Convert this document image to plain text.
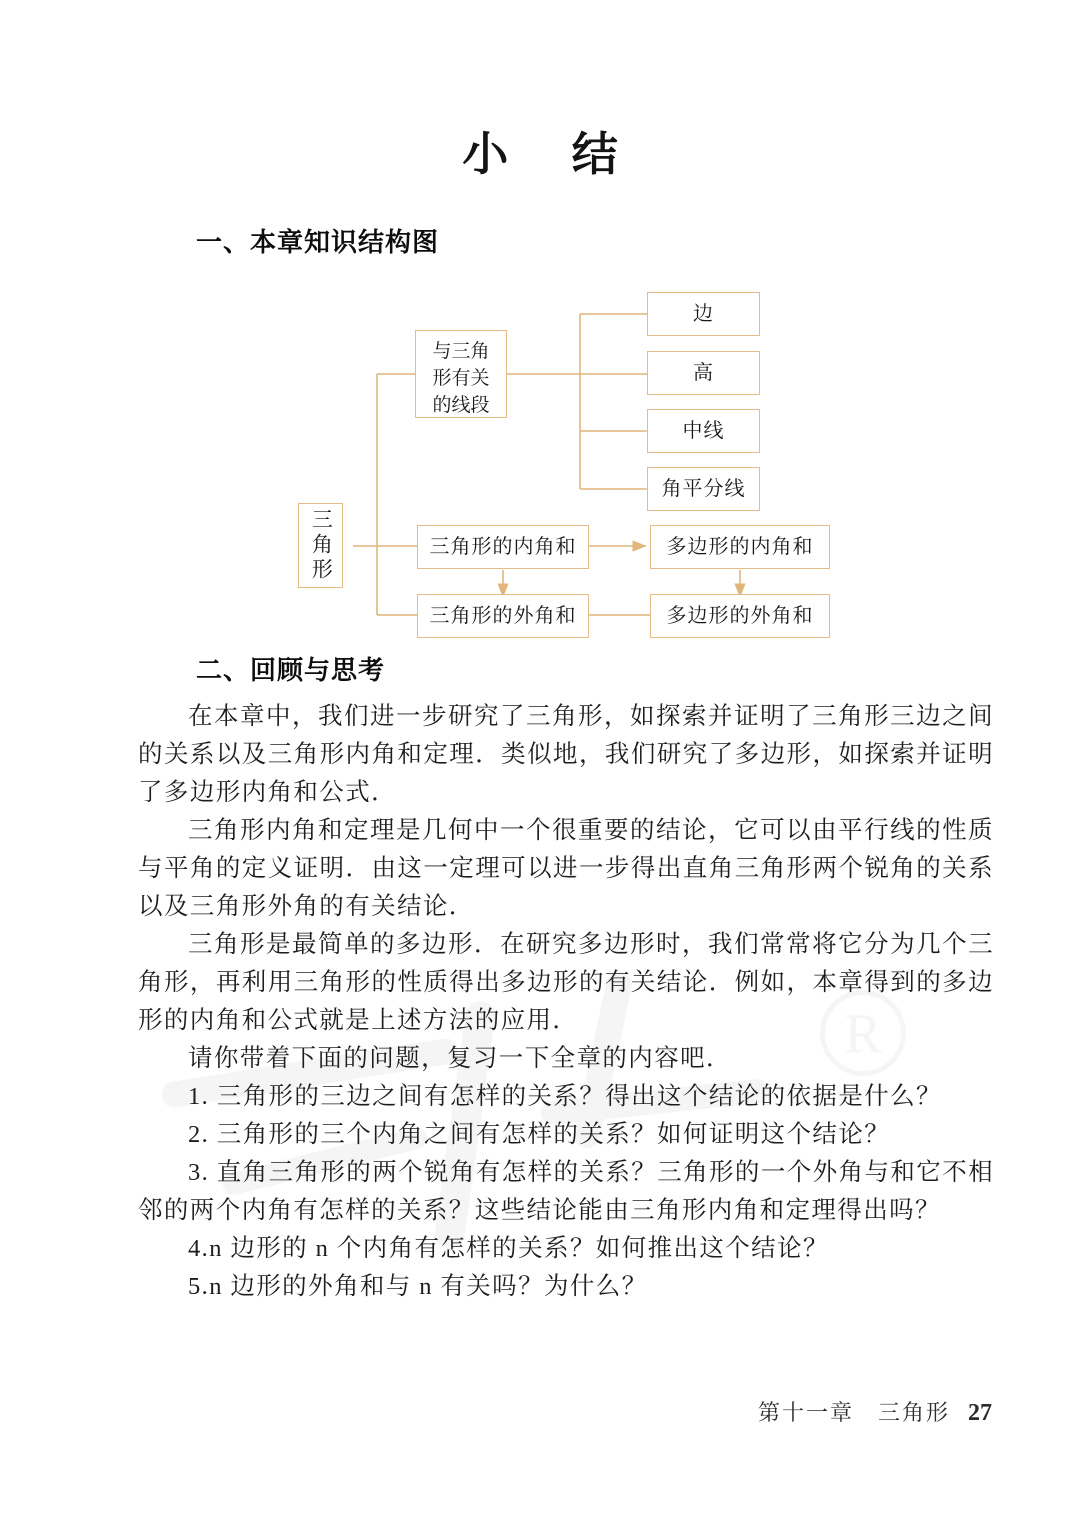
R
小 结
一、本章知识结构图
三角形
与三角
形有关
的线段
三角形的内角和
三角形的外角和
边
高
中线
角平分线
多边形的内角和
多边形的外角和
二、回顾与思考

在本章中，我们进一步研究了三角形，如探索并证明了三角形三边之间的关系以及三角形内角和定理．类似地，我们研究了多边形，如探索并证明了多边形内角和公式．

三角形内角和定理是几何中一个很重要的结论，它可以由平行线的性质与平角的定义证明．由这一定理可以进一步得出直角三角形两个锐角的关系以及三角形外角的有关结论．

三角形是最简单的多边形．在研究多边形时，我们常常将它分为几个三角形，再利用三角形的性质得出多边形的有关结论．例如，本章得到的多边形的内角和公式就是上述方法的应用．

请你带着下面的问题，复习一下全章的内容吧．

1. 三角形的三边之间有怎样的关系？得出这个结论的依据是什么？
2. 三角形的三个内角之间有怎样的关系？如何证明这个结论？
3. 直角三角形的两个锐角有怎样的关系？三角形的一个外角与和它不相邻的两个内角有怎样的关系？这些结论能由三角形内角和定理得出吗？
4.n 边形的 n 个内角有怎样的关系？如何推出这个结论？
5.n 边形的外角和与 n 有关吗？为什么？
第十一章　三角形 27
